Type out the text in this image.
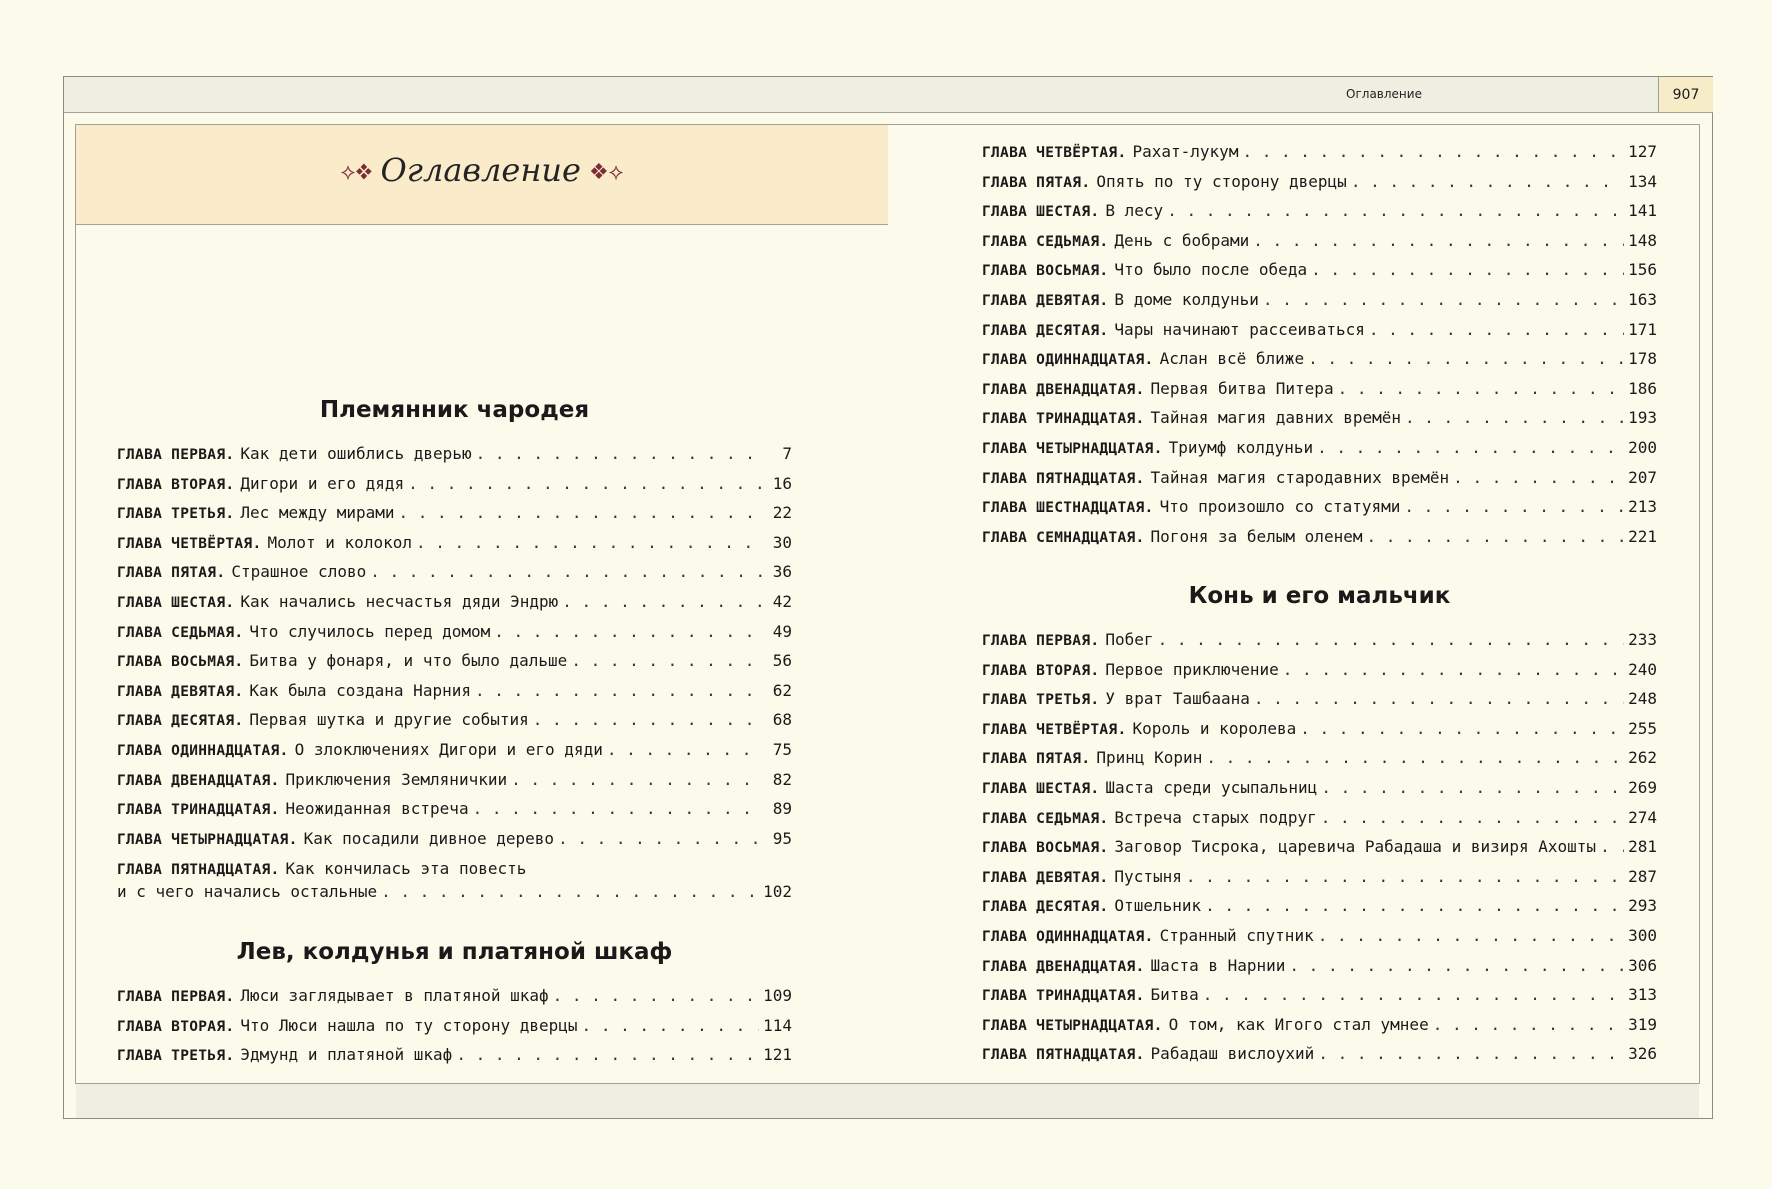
Оглавление	907
⟡❖ Оглавление ❖⟡
Племянник чародея
ГЛАВА ПЕРВАЯ. Как дети ошиблись дверью . . .	7
ГЛАВА ВТОРАЯ. Дигори и его дядя . . .	16
ГЛАВА ТРЕТЬЯ. Лес между мирами . . .	22
ГЛАВА ЧЕТВЁРТАЯ. Молот и колокол . . .	30
ГЛАВА ПЯТАЯ. Страшное слово . . .	36
ГЛАВА ШЕСТАЯ. Как начались несчастья дяди Эндрю . . .	42
ГЛАВА СЕДЬМАЯ. Что случилось перед домом . . .	49
ГЛАВА ВОСЬМАЯ. Битва у фонаря, и что было дальше . . .	56
ГЛАВА ДЕВЯТАЯ. Как была создана Нарния . . .	62
ГЛАВА ДЕСЯТАЯ. Первая шутка и другие события . . .	68
ГЛАВА ОДИННАДЦАТАЯ. О злоключениях Дигори и его дяди . . .	75
ГЛАВА ДВЕНАДЦАТАЯ. Приключения Земляничкии . . .	82
ГЛАВА ТРИНАДЦАТАЯ. Неожиданная встреча . . .	89
ГЛАВА ЧЕТЫРНАДЦАТАЯ. Как посадили дивное дерево . . .	95
ГЛАВА ПЯТНАДЦАТАЯ. Как кончилась эта повесть
и с чего начались остальные . . .	102
Лев, колдунья и платяной шкаф
ГЛАВА ПЕРВАЯ. Люси заглядывает в платяной шкаф . . .	109
ГЛАВА ВТОРАЯ. Что Люси нашла по ту сторону дверцы . . .	114
ГЛАВА ТРЕТЬЯ. Эдмунд и платяной шкаф . . .	121
ГЛАВА ЧЕТВЁРТАЯ. Рахат-лукум . . .	127
ГЛАВА ПЯТАЯ. Опять по ту сторону дверцы . . .	134
ГЛАВА ШЕСТАЯ. В лесу . . .	141
ГЛАВА СЕДЬМАЯ. День с бобрами . . .	148
ГЛАВА ВОСЬМАЯ. Что было после обеда . . .	156
ГЛАВА ДЕВЯТАЯ. В доме колдуньи . . .	163
ГЛАВА ДЕСЯТАЯ. Чары начинают рассеиваться . . .	171
ГЛАВА ОДИННАДЦАТАЯ. Аслан всё ближе . . .	178
ГЛАВА ДВЕНАДЦАТАЯ. Первая битва Питера . . .	186
ГЛАВА ТРИНАДЦАТАЯ. Тайная магия давних времён . . .	193
ГЛАВА ЧЕТЫРНАДЦАТАЯ. Триумф колдуньи . . .	200
ГЛАВА ПЯТНАДЦАТАЯ. Тайная магия стародавних времён . . .	207
ГЛАВА ШЕСТНАДЦАТАЯ. Что произошло со статуями . . .	213
ГЛАВА СЕМНАДЦАТАЯ. Погоня за белым оленем . . .	221
Конь и его мальчик
ГЛАВА ПЕРВАЯ. Побег . . .	233
ГЛАВА ВТОРАЯ. Первое приключение . . .	240
ГЛАВА ТРЕТЬЯ. У врат Ташбаана . . .	248
ГЛАВА ЧЕТВЁРТАЯ. Король и королева . . .	255
ГЛАВА ПЯТАЯ. Принц Корин . . .	262
ГЛАВА ШЕСТАЯ. Шаста среди усыпальниц . . .	269
ГЛАВА СЕДЬМАЯ. Встреча старых подруг . . .	274
ГЛАВА ВОСЬМАЯ. Заговор Тисрока, царевича Рабадаша и визиря Ахошты . . . 281
ГЛАВА ДЕВЯТАЯ. Пустыня . . .	287
ГЛАВА ДЕСЯТАЯ. Отшельник . . .	293
ГЛАВА ОДИННАДЦАТАЯ. Странный спутник . . .	300
ГЛАВА ДВЕНАДЦАТАЯ. Шаста в Нарнии . . .	306
ГЛАВА ТРИНАДЦАТАЯ. Битва . . .	313
ГЛАВА ЧЕТЫРНАДЦАТАЯ. О том, как Игого стал умнее . . .	319
ГЛАВА ПЯТНАДЦАТАЯ. Рабадаш вислоухий . . .	326
